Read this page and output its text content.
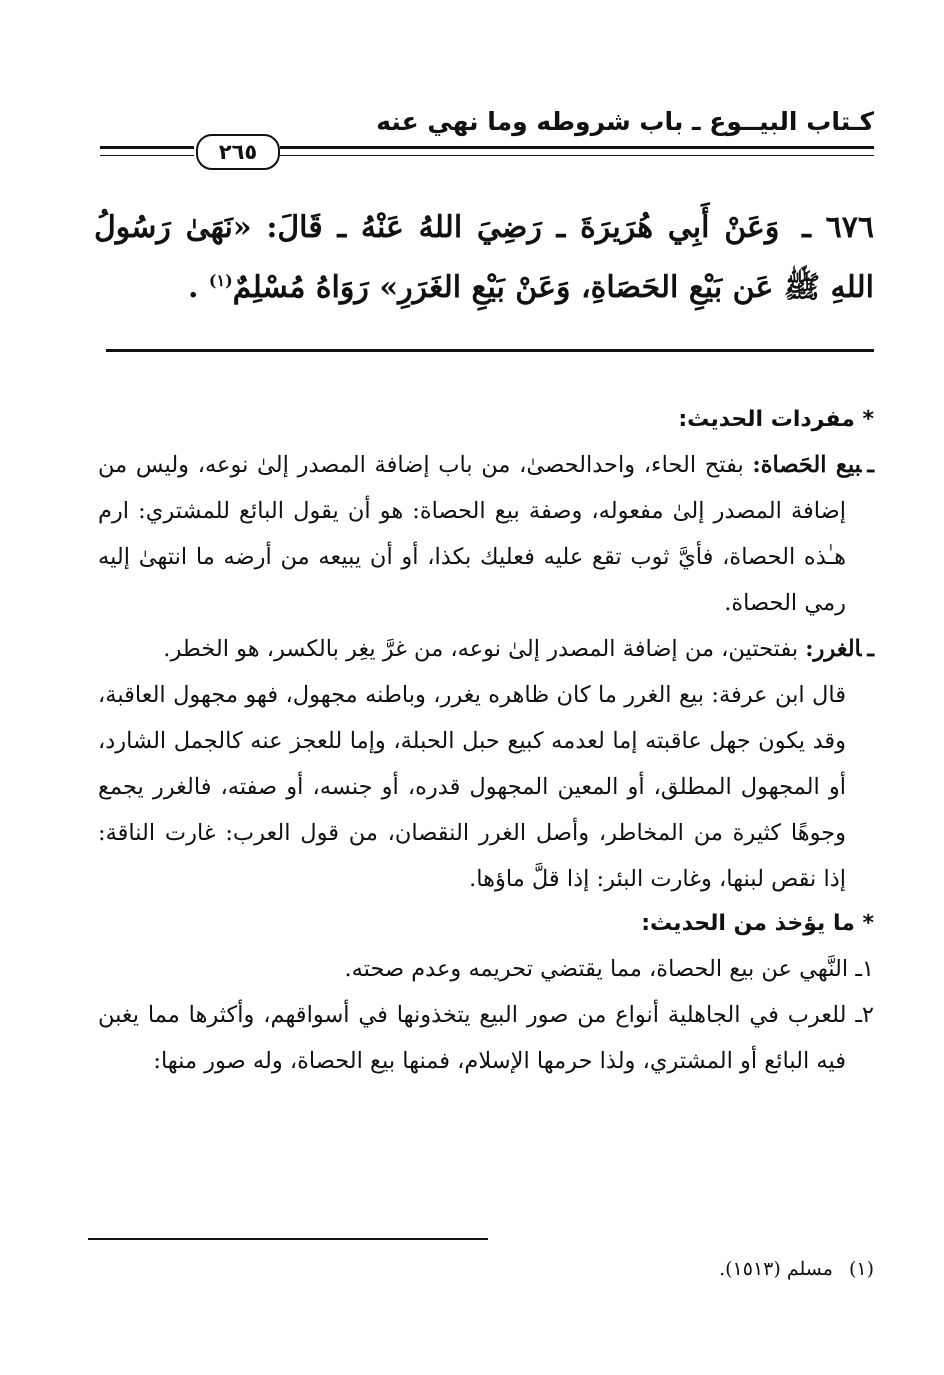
كـتاب البيــوع ـ باب شروطه وما نهي عنه
٢٦٥
٦٧٦ ـ وَعَنْ أَبِي هُرَيرَةَ ـ رَضِيَ اللهُ عَنْهُ ـ قَالَ: «نَهَىٰ رَسُولُ اللهِ ﷺ عَن بَيْعِ الحَصَاةِ، وَعَنْ بَيْعِ الغَرَرِ» رَوَاهُ مُسْلِمٌ$^{(١)}$ .

* مفردات الحديث:

ـبيع الحَصاة: بفتح الحاء، واحدالحصىٰ، من باب إضافة المصدر إلىٰ نوعه، وليس من إضافة المصدر إلىٰ مفعوله، وصفة بيع الحصاة: هو أن يقول البائع للمشتري: ارم هـٰذه الحصاة، فأيَّ ثوب تقع عليه فعليك بكذا، أو أن يبيعه من أرضه ما انتهىٰ إليه رمي الحصاة.

ـالغرر: بفتحتين، من إضافة المصدر إلىٰ نوعه، من غرَّ يغِر بالكسر، هو الخطر.

قال ابن عرفة: بيع الغرر ما كان ظاهره يغرر، وباطنه مجهول، فهو مجهول العاقبة، وقد يكون جهل عاقبته إما لعدمه كبيع حبل الحبلة، وإما للعجز عنه كالجمل الشارد، أو المجهول المطلق، أو المعين المجهول قدره، أو جنسه، أو صفته، فالغرر يجمع وجوهًا كثيرة من المخاطر، وأصل الغرر النقصان، من قول العرب: غارت الناقة: إذا نقص لبنها، وغارت البئر: إذا قلَّ ماؤها.

* ما يؤخذ من الحديث:

١ـ النَّهي عن بيع الحصاة، مما يقتضي تحريمه وعدم صحته.

٢ـ للعرب في الجاهلية أنواع من صور البيع يتخذونها في أسواقهم، وأكثرها مما يغبن فيه البائع أو المشتري، ولذا حرمها الإسلام، فمنها بيع الحصاة، وله صور منها:

(١) مسلم (١٥١٣).
